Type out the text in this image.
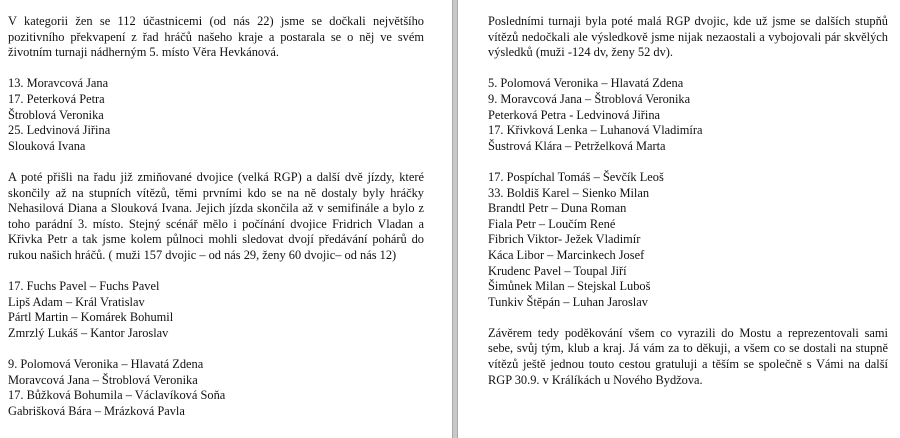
V kategorii žen se 112 účastnicemi (od nás 22) jsme se dočkali největšího pozitivního překvapení z řad hráčů našeho kraje a postarala se o něj ve svém životním turnaji nádherným 5. místo Věra Hevkánová.

13. Moravcová Jana
17. Peterková Petra
Štroblová Veronika
25. Ledvinová Jiřina
Slouková Ivana

A poté přišli na řadu již zmiňované dvojice (velká RGP) a další dvě jízdy, které skončily až na stupních vítězů, těmi prvními kdo se na ně dostaly byly hráčky Nehasilová Diana a Slouková Ivana. Jejich jízda skončila až v semifinále a bylo z toho parádní 3. místo. Stejný scénář mělo i počínání dvojice Fridrich Vladan a Křivka Petr a tak jsme kolem půlnoci mohli sledovat dvojí předávání pohárů do rukou našich hráčů. ( muži 157 dvojic – od nás 29, ženy 60 dvojic– od nás 12)

17. Fuchs Pavel – Fuchs Pavel
Lipš Adam – Král Vratislav
Pártl Martin – Komárek Bohumil
Zmrzlý Lukáš – Kantor Jaroslav
9. Polomová Veronika – Hlavatá Zdena
Moravcová Jana – Štroblová Veronika
17. Bůžková Bohumila – Václavíková Soňa
Gabrišková Bára – Mrázková Pavla

Posledními turnaji byla poté malá RGP dvojic, kde už jsme se dalších stupňů vítězů nedočkali ale výsledkově jsme nijak nezaostali a vybojovali pár skvělých výsledků (muži -124 dv, ženy 52 dv).

5. Polomová Veronika – Hlavatá Zdena
9. Moravcová Jana – Štroblová Veronika
Peterková Petra - Ledvinová Jiřina
17. Křivková Lenka – Luhanová Vladimíra
Šustrová Klára – Petrželková Marta
17. Pospíchal Tomáš – Ševčík Leoš
33. Boldiš Karel – Sienko Milan
Brandtl Petr – Duna Roman
Fiala Petr – Loučím René
Fibrich Viktor- Ježek Vladimír
Káca Libor – Marcinkech Josef
Krudenc Pavel – Toupal Jiří
Šimůnek Milan – Stejskal Luboš
Tunkiv Štěpán – Luhan Jaroslav

Závěrem tedy poděkování všem co vyrazili do Mostu a reprezentovali sami sebe, svůj tým, klub a kraj. Já vám za to děkuji, a všem co se dostali na stupně vítězů ještě jednou touto cestou gratuluji a těším se společně s Vámi na další RGP 30.9. v Králíkách u Nového Bydžova.
